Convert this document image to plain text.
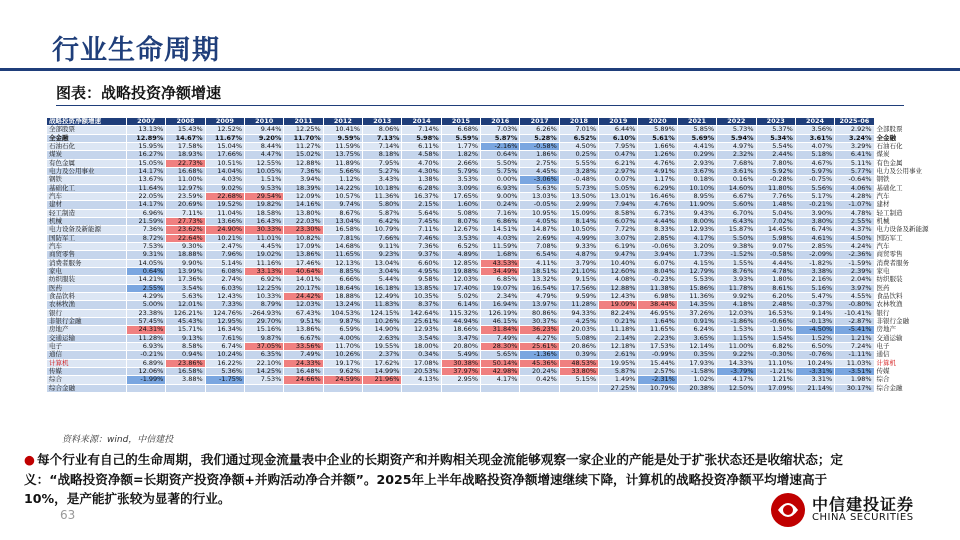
行业生命周期
图表：战略投资净额增速
战略投资净额增速	2007	2008	2009	2010	2011	2012	2013	2014	2015	2016	2017	2018	2019	2020	2021	2022	2023	2024	2025-06	
全部股票	13.13%	15.43%	12.52%	9.44%	12.25%	10.41%	8.06%	7.14%	6.68%	7.03%	6.26%	7.01%	6.44%	5.89%	5.85%	5.73%	5.37%	3.56%	2.92%	全部股票
全金融	12.89%	14.67%	11.67%	9.20%	11.70%	9.59%	7.13%	5.98%	5.59%	5.87%	5.28%	6.52%	6.10%	5.61%	5.69%	5.94%	5.34%	3.61%	3.24%	全金融
石油石化	15.95%	17.58%	15.04%	8.44%	11.27%	11.59%	7.14%	6.11%	1.77%	-2.16%	-0.58%	4.50%	7.95%	1.66%	4.41%	4.97%	5.54%	4.07%	3.29%	石油石化
煤炭	16.27%	18.93%	17.66%	4.47%	15.02%	13.75%	8.18%	4.58%	1.82%	0.64%	1.86%	0.25%	0.47%	1.26%	0.29%	2.32%	2.44%	5.18%	6.41%	煤炭
有色金属	15.05%	22.73%	10.51%	12.55%	12.88%	11.89%	7.95%	4.70%	2.66%	5.50%	2.75%	5.55%	6.21%	4.76%	2.93%	7.68%	7.80%	4.67%	5.11%	有色金属
电力及公用事业	14.17%	16.68%	14.04%	10.05%	7.36%	5.66%	5.27%	4.30%	5.79%	5.75%	4.45%	3.28%	2.97%	4.91%	3.67%	3.61%	5.92%	5.97%	5.77%	电力及公用事业
钢铁	13.67%	11.00%	4.03%	1.51%	3.94%	1.12%	3.43%	1.38%	3.53%	0.00%	-3.06%	-0.48%	0.07%	1.17%	0.18%	0.16%	-0.28%	-0.75%	-0.64%	钢铁
基础化工	11.64%	12.97%	9.02%	9.53%	18.39%	14.22%	10.18%	6.28%	3.09%	6.93%	5.63%	5.73%	5.05%	6.29%	10.10%	14.60%	11.80%	5.56%	4.06%	基础化工
汽车	22.05%	23.59%	22.68%	29.54%	12.09%	10.57%	11.36%	16.37%	17.65%	9.00%	13.03%	13.50%	13.01%	16.46%	8.95%	6.67%	7.76%	5.17%	4.28%	汽车
建材	14.17%	20.69%	19.52%	19.82%	14.16%	9.74%	5.80%	2.15%	1.60%	0.24%	-0.05%	2.99%	7.94%	4.76%	11.90%	5.60%	1.48%	-0.21%	-1.07%	建材
轻工制造	6.96%	7.11%	11.04%	18.58%	13.80%	8.67%	5.87%	5.64%	5.08%	7.16%	10.95%	15.09%	8.58%	6.73%	9.43%	6.70%	5.04%	3.90%	4.78%	轻工制造
机械	21.59%	27.73%	13.66%	16.43%	22.03%	13.04%	6.42%	7.45%	8.07%	6.86%	4.05%	8.14%	6.07%	4.44%	8.00%	6.43%	7.02%	3.80%	2.55%	机械
电力设备及新能源	7.36%	23.62%	24.90%	30.33%	23.30%	16.58%	10.79%	7.11%	12.67%	14.51%	14.87%	10.50%	7.72%	8.33%	12.93%	15.87%	14.45%	6.74%	4.37%	电力设备及新能源
国防军工	8.72%	22.64%	10.21%	11.01%	10.82%	7.81%	7.66%	7.46%	3.53%	4.03%	2.69%	4.99%	3.07%	2.85%	4.17%	5.50%	5.98%	4.61%	4.50%	国防军工
汽车	7.53%	9.30%	2.47%	4.45%	17.09%	14.68%	9.11%	7.36%	6.52%	11.59%	7.08%	9.33%	6.19%	-0.06%	3.20%	9.38%	9.07%	2.85%	4.24%	汽车
商贸零售	9.31%	18.88%	7.96%	19.02%	13.86%	11.65%	9.23%	9.37%	4.89%	1.68%	6.54%	4.87%	9.47%	3.94%	1.73%	-1.52%	-0.58%	-2.09%	-2.36%	商贸零售
消费者服务	14.05%	9.90%	5.14%	11.16%	17.46%	12.13%	13.04%	6.60%	12.85%	43.53%	4.11%	3.79%	10.40%	6.07%	4.15%	1.55%	4.44%	-1.82%	-1.59%	消费者服务
家电	0.64%	13.99%	6.08%	33.13%	40.64%	8.85%	3.04%	4.95%	19.88%	34.49%	18.51%	21.10%	12.60%	8.04%	12.79%	8.76%	4.78%	3.38%	2.39%	家电
纺织服装	14.21%	17.36%	2.74%	6.92%	14.01%	6.66%	5.44%	9.58%	12.03%	6.85%	13.32%	9.15%	4.08%	-0.23%	5.53%	3.93%	1.80%	2.16%	2.04%	纺织服装
医药	2.55%	3.54%	6.03%	12.25%	20.17%	18.64%	16.18%	13.85%	17.40%	19.07%	16.54%	17.56%	12.88%	11.38%	15.86%	11.78%	8.61%	5.16%	3.97%	医药
食品饮料	4.29%	5.63%	12.43%	10.33%	24.42%	18.88%	12.49%	10.35%	5.02%	2.34%	4.79%	9.59%	12.43%	6.98%	11.36%	9.92%	6.20%	5.47%	4.55%	食品饮料
农林牧渔	5.00%	12.01%	7.33%	8.79%	12.03%	13.24%	11.83%	8.37%	6.14%	16.94%	13.97%	11.28%	19.09%	38.44%	14.35%	4.18%	2.48%	-0.37%	-0.80%	农林牧渔
银行	23.38%	126.21%	124.76%	-264.93%	67.43%	104.53%	124.15%	142.64%	115.32%	126.19%	80.86%	94.33%	82.24%	46.95%	37.26%	12.03%	16.53%	9.14%	-10.41%	银行
非银行金融	57.45%	45.43%	12.95%	29.70%	9.51%	9.87%	10.26%	25.61%	44.94%	46.15%	30.37%	4.25%	0.21%	1.64%	0.91%	-1.86%	-0.66%	-0.13%	-2.87%	非银行金融
房地产	24.31%	15.71%	16.34%	15.16%	13.86%	6.59%	14.90%	12.93%	18.66%	31.84%	36.23%	20.03%	11.18%	11.65%	6.24%	1.53%	1.30%	-4.50%	-5.41%	房地产
交通运输	11.28%	9.13%	7.61%	9.87%	6.67%	4.00%	2.63%	3.54%	3.47%	7.49%	4.27%	5.08%	2.14%	2.23%	3.65%	1.15%	1.54%	1.52%	1.21%	交通运输
电子	6.93%	8.58%	6.74%	37.05%	33.56%	11.70%	19.55%	18.00%	20.80%	28.30%	25.61%	20.86%	12.18%	17.53%	12.14%	11.00%	6.82%	6.50%	7.24%	电子
通信	-0.21%	0.94%	10.24%	6.35%	7.49%	10.26%	2.37%	0.34%	5.49%	5.65%	-1.36%	0.39%	2.61%	-0.99%	0.35%	9.22%	-0.30%	-0.76%	-1.11%	通信
计算机	6.89%	23.86%	16.22%	22.10%	24.33%	19.17%	17.62%	17.08%	30.38%	50.14%	45.36%	48.53%	19.95%	15.44%	17.93%	14.33%	11.10%	10.24%	11.03%	计算机
传媒	12.06%	16.58%	5.36%	14.25%	16.48%	9.62%	14.99%	20.53%	37.97%	42.98%	20.24%	33.80%	5.87%	2.57%	-1.58%	-3.79%	-1.21%	-3.31%	-3.51%	传媒
综合	-1.99%	3.88%	-1.75%	7.53%	24.66%	24.59%	21.96%	4.13%	2.95%	4.17%	0.42%	5.15%	1.49%	-2.31%	1.02%	4.17%	1.21%	3.31%	1.98%	综合
综合金融													27.25%	10.79%	20.38%	12.50%	17.09%	21.14%	30.17%	综合金融
资料来源：wind，中信建投
● 每个行业有自己的生命周期，我们通过现金流量表中企业的长期资产和并购相关现金流能够观察一家企业的产能是处于扩张状态还是收缩状态；定义：“战略投资净额=长期资产投资净额+并购活动净合并额”。2025年上半年战略投资净额增速继续下降，计算机的战略投资净额平均增速高于10%，是产能扩张较为显著的行业。
63
中信建投证券
CHINA SECURITIES
